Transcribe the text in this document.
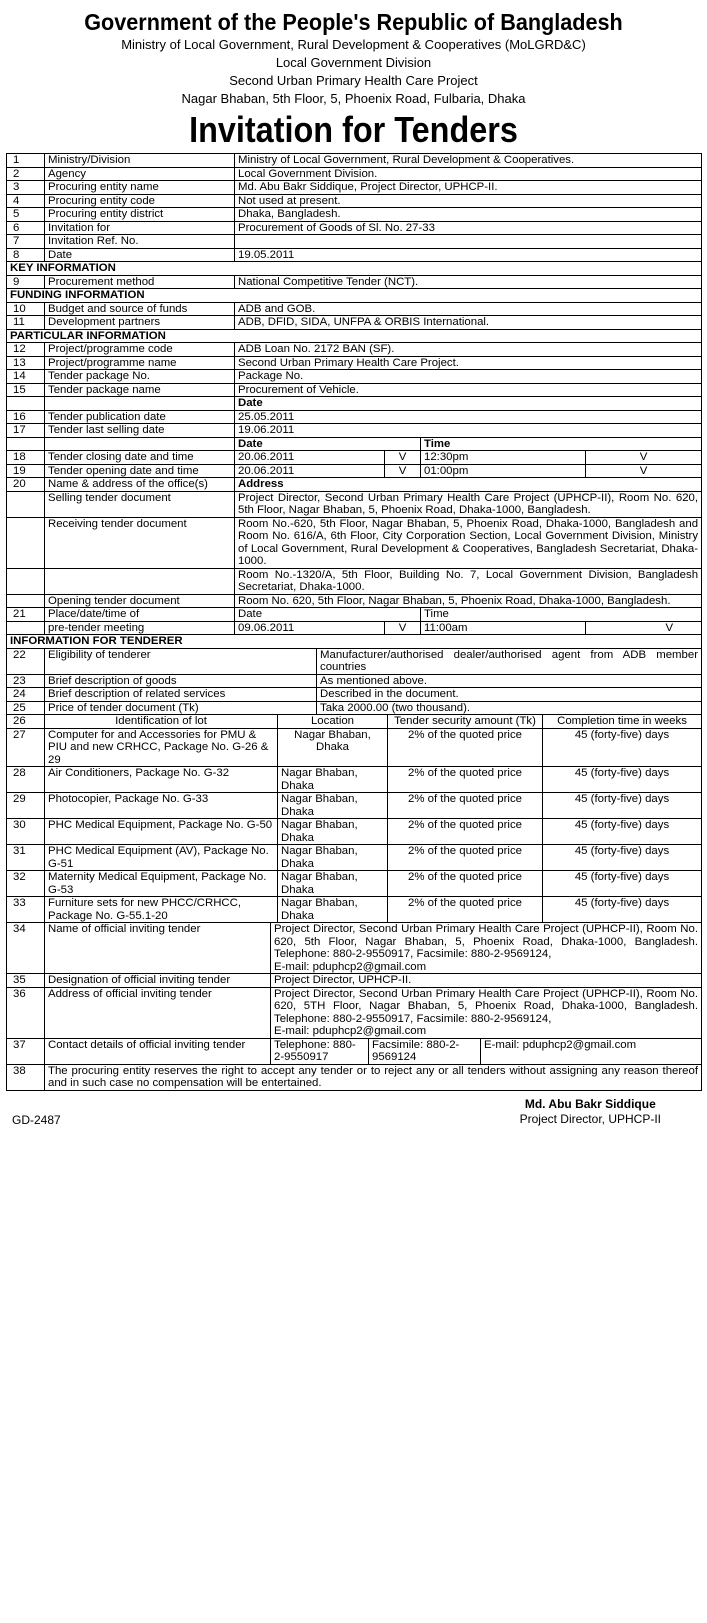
Government of the People's Republic of Bangladesh
Ministry of Local Government, Rural Development & Cooperatives (MoLGRD&C)
Local Government Division
Second Urban Primary Health Care Project
Nagar Bhaban, 5th Floor, 5, Phoenix Road, Fulbaria, Dhaka
Invitation for Tenders
1	Ministry/Division	Ministry of Local Government, Rural Development & Cooperatives.			
2	Agency	Local Government Division.			
3	Procuring entity name	Md. Abu Bakr Siddique, Project Director, UPHCP-II.			
4	Procuring entity code	Not used at present.			
5	Procuring entity district	Dhaka, Bangladesh.			
6	Invitation for	Procurement of Goods of Sl. No. 27-33			
7	Invitation Ref. No.				
8	Date	19.05.2011			
KEY INFORMATION					
9	Procurement method	National Competitive Tender (NCT).			
FUNDING INFORMATION					
10	Budget and source of funds	ADB and GOB.			
11	Development partners	ADB, DFID, SIDA, UNFPA & ORBIS International.			
PARTICULAR INFORMATION					
12	Project/programme code	ADB Loan No. 2172 BAN (SF).			
13	Project/programme name	Second Urban Primary Health Care Project.			
14	Tender package No.	Package No.			
15	Tender package name	Procurement of Vehicle.			
		Date			
16	Tender publication date	25.05.2011			
17	Tender last selling date	19.06.2011			
		Date		Time	
18	Tender closing date and time	20.06.2011	V	12:30pm	V
19	Tender opening date and time	20.06.2011	V	01:00pm	V
20	Name & address of the office(s)	Address			
	Selling tender document	Project Director, Second Urban Primary Health Care Project (UPHCP-II), Room No. 620, 5th Floor, Nagar Bhaban, 5, Phoenix Road, Dhaka-1000, Bangladesh.			
	Receiving tender document	Room No.-620, 5th Floor, Nagar Bhaban, 5, Phoenix Road, Dhaka-1000, Bangladesh and Room No. 616/A, 6th Floor, City Corporation Section, Local Government Division, Ministry of Local Government, Rural Development & Cooperatives, Bangladesh Secretariat, Dhaka-1000.			
		Room No.-1320/A, 5th Floor, Building No. 7, Local Government Division, Bangladesh Secretariat, Dhaka-1000.			
	Opening tender document	Room No. 620, 5th Floor, Nagar Bhaban, 5, Phoenix Road, Dhaka-1000, Bangladesh.			
21	Place/date/time of	Date		Time	
	pre-tender meeting	09.06.2011	V	11:00am	V
INFORMATION FOR TENDERER					
22	Eligibility of tenderer	Manufacturer/authorised dealer/authorised agent from ADB member countries
23	Brief description of goods	As mentioned above.
24	Brief description of related services	Described in the document.
25	Price of tender document (Tk)	Taka 2000.00 (two thousand).
26	Identification of lot	Location	Tender security amount (Tk)	Completion time in weeks
27	Computer for and Accessories for PMU & PIU and new CRHCC, Package No. G-26 & 29	Nagar Bhaban, Dhaka	2% of the quoted price	45 (forty-five) days
28	Air Conditioners, Package No. G-32	Nagar Bhaban, Dhaka	2% of the quoted price	45 (forty-five) days
29	Photocopier, Package No. G-33	Nagar Bhaban, Dhaka	2% of the quoted price	45 (forty-five) days
30	PHC Medical Equipment, Package No. G-50	Nagar Bhaban, Dhaka	2% of the quoted price	45 (forty-five) days
31	PHC Medical Equipment (AV), Package No. G-51	Nagar Bhaban, Dhaka	2% of the quoted price	45 (forty-five) days
32	Maternity Medical Equipment, Package No. G-53	Nagar Bhaban, Dhaka	2% of the quoted price	45 (forty-five) days
33	Furniture sets for new PHCC/CRHCC, Package No. G-55.1-20	Nagar Bhaban, Dhaka	2% of the quoted price	45 (forty-five) days
34	Name of official inviting tender	Project Director, Second Urban Primary Health Care Project (UPHCP-II), Room No. 620, 5th Floor, Nagar Bhaban, 5, Phoenix Road, Dhaka-1000, Bangladesh. Telephone: 880-2-9550917, Facsimile: 880-2-9569124,
E-mail: pduphcp2@gmail.com		
35	Designation of official inviting tender	Project Director, UPHCP-II.		
36	Address of official inviting tender	Project Director, Second Urban Primary Health Care Project (UPHCP-II), Room No. 620, 5TH Floor, Nagar Bhaban, 5, Phoenix Road, Dhaka-1000, Bangladesh. Telephone: 880-2-9550917, Facsimile: 880-2-9569124,
E-mail: pduphcp2@gmail.com		
37	Contact details of official inviting tender	Telephone: 880-2-9550917	Facsimile: 880-2-9569124	E-mail: pduphcp2@gmail.com
38	The procuring entity reserves the right to accept any tender or to reject any or all tenders without assigning any reason thereof and in such case no compensation will be entertained.			
GD-2487
Md. Abu Bakr Siddique
Project Director, UPHCP-II
